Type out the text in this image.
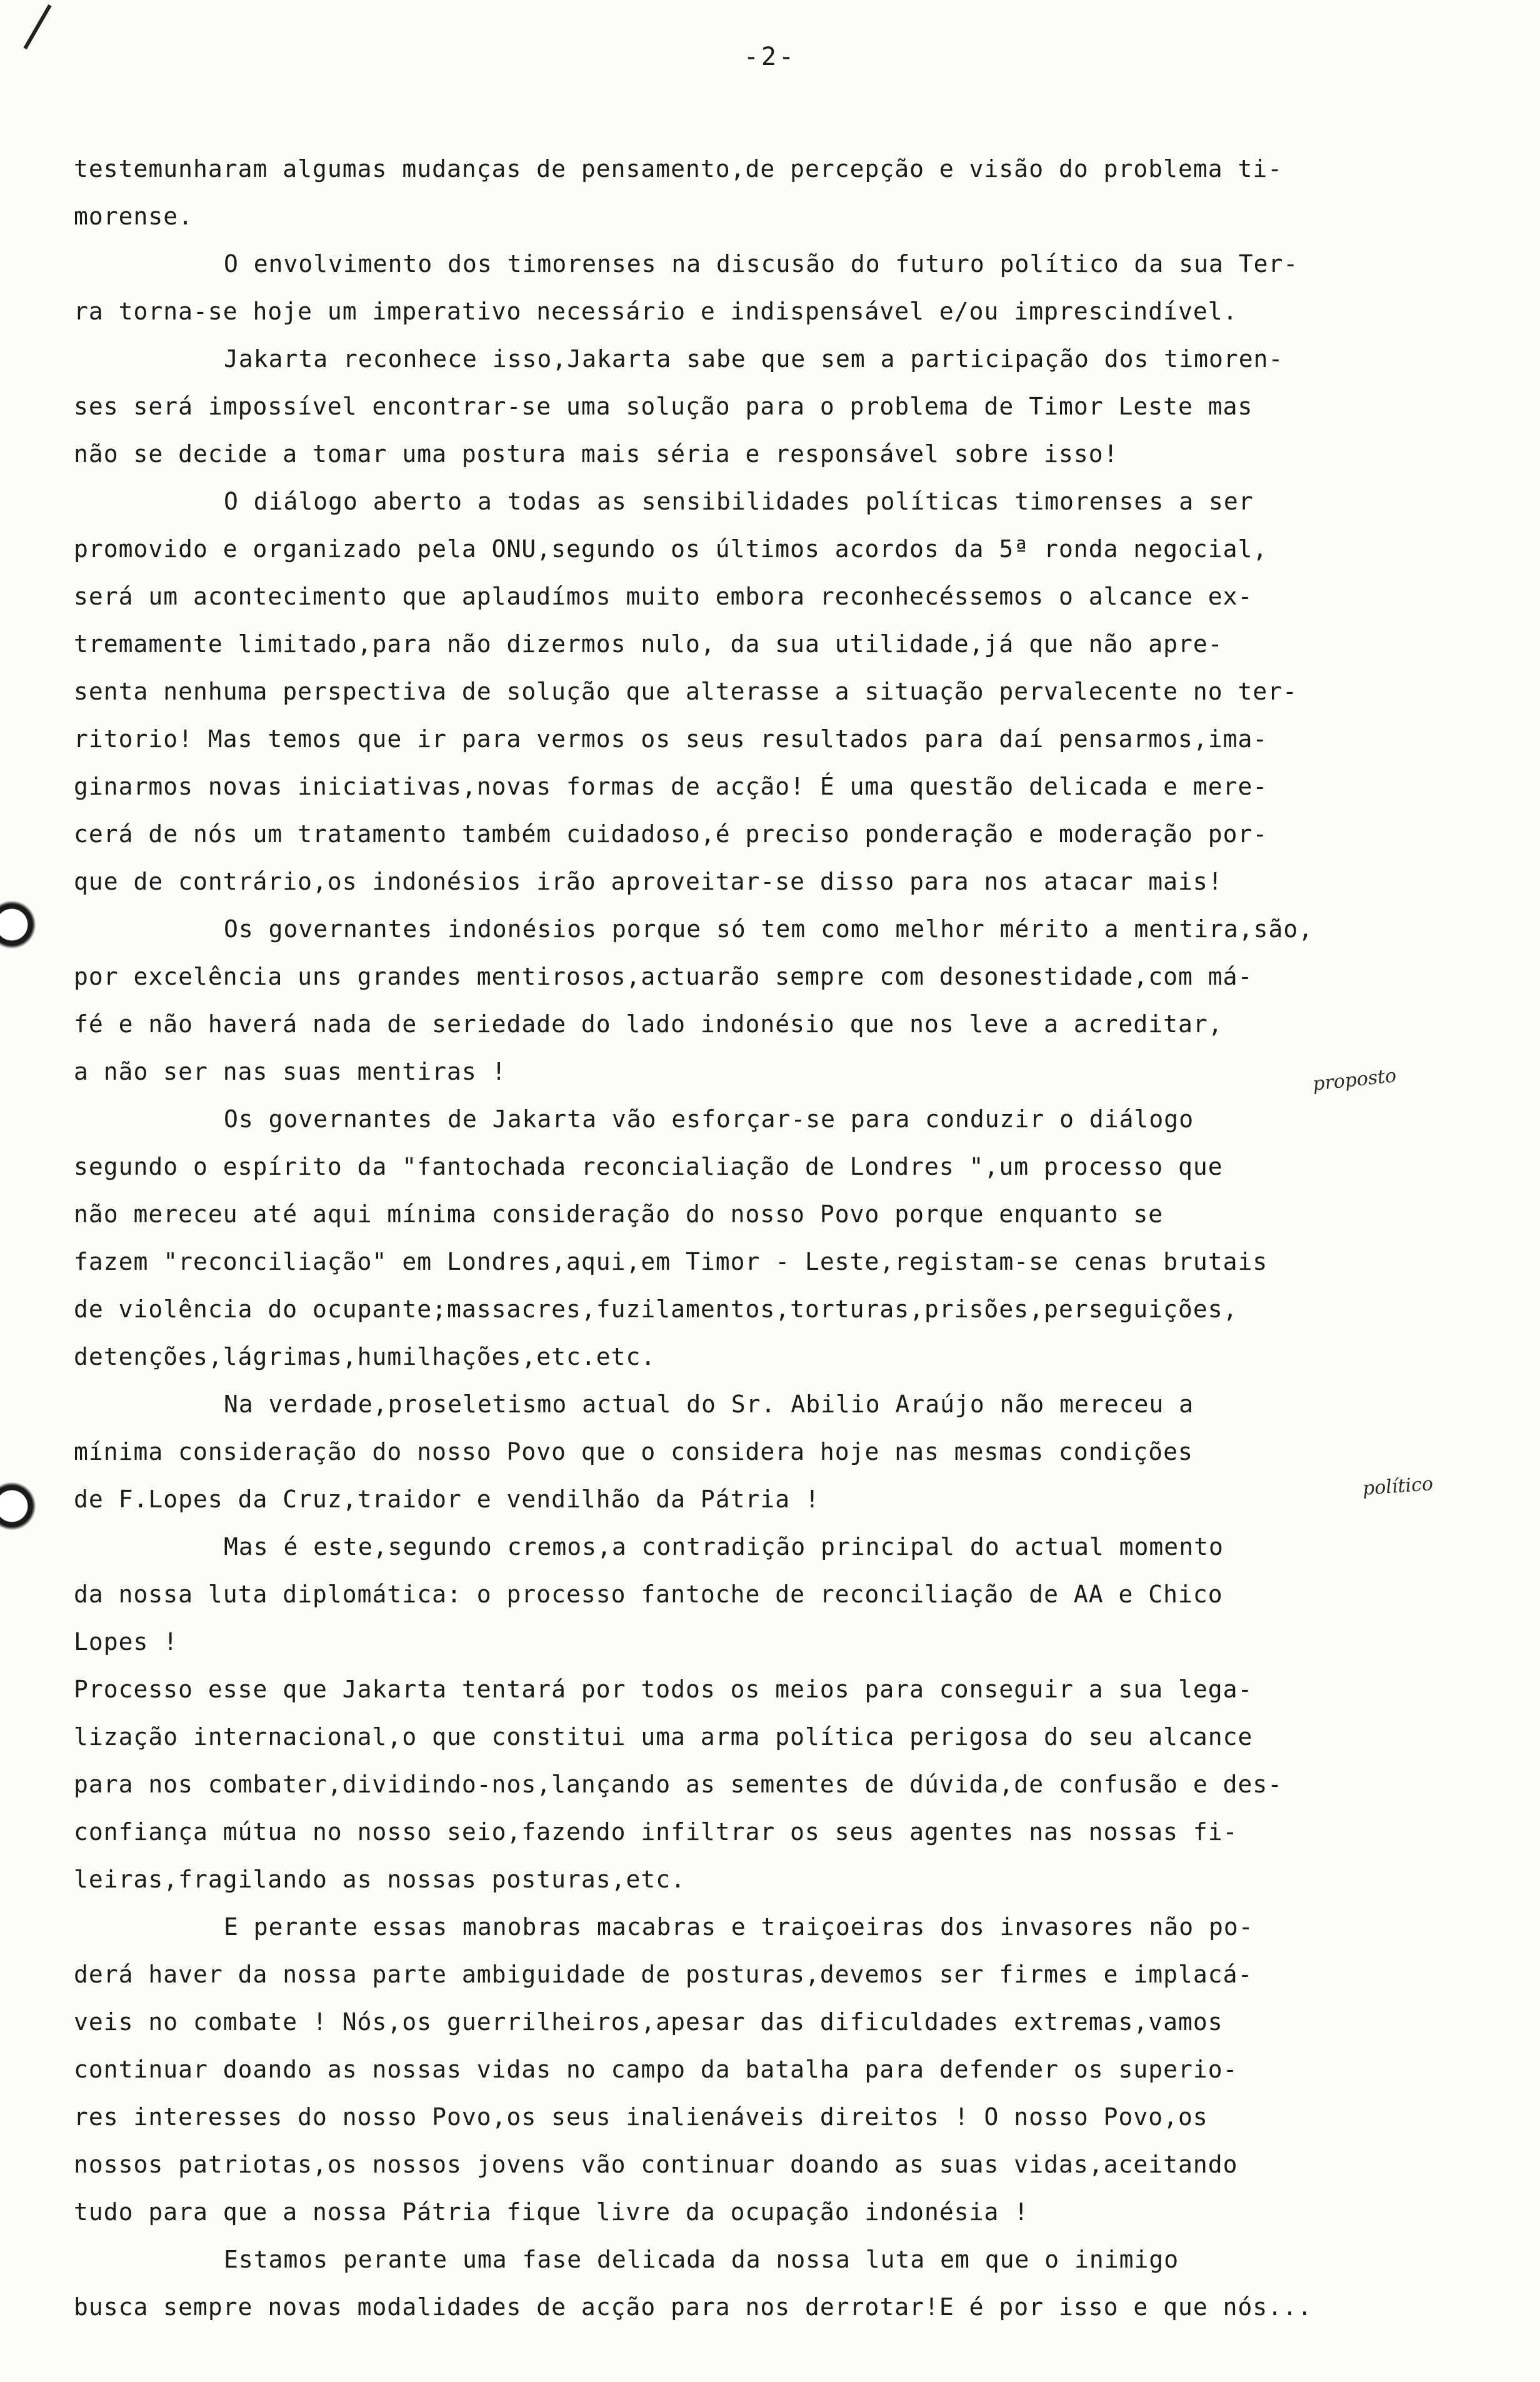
-2-
testemunharam algumas mudanças de pensamento,de percepção e visão do problema ti-
morense.
O envolvimento dos timorenses na discusão do futuro político da sua Ter-
ra torna-se hoje um imperativo necessário e indispensável e/ou imprescindível.
Jakarta reconhece isso,Jakarta sabe que sem a participação dos timoren-
ses será impossível encontrar-se uma solução para o problema de Timor Leste mas
não se decide a tomar uma postura mais séria e responsável sobre isso!
O diálogo aberto a todas as sensibilidades políticas timorenses a ser
promovido e organizado pela ONU,segundo os últimos acordos da 5ª ronda negocial,
será um acontecimento que aplaudímos muito embora reconhecéssemos o alcance ex-
tremamente limitado,para não dizermos nulo, da sua utilidade,já que não apre-
senta nenhuma perspectiva de solução que alterasse a situação pervalecente no ter-
ritorio! Mas temos que ir para vermos os seus resultados para daí pensarmos,ima-
ginarmos novas iniciativas,novas formas de acção! É uma questão delicada e mere-
cerá de nós um tratamento também cuidadoso,é preciso ponderação e moderação por-
que de contrário,os indonésios irão aproveitar-se disso para nos atacar mais!
Os governantes indonésios porque só tem como melhor mérito a mentira,são,
por excelência uns grandes mentirosos,actuarão sempre com desonestidade,com má-
fé e não haverá nada de seriedade do lado indonésio que nos leve a acreditar,
a não ser nas suas mentiras !
Os governantes de Jakarta vão esforçar-se para conduzir o diálogo
segundo o espírito da "fantochada reconcialiação de Londres ",um processo que
não mereceu até aqui mínima consideração do nosso Povo porque enquanto se
fazem "reconciliação" em Londres,aqui,em Timor - Leste,registam-se cenas brutais
de violência do ocupante;massacres,fuzilamentos,torturas,prisões,perseguições,
detenções,lágrimas,humilhações,etc.etc.
Na verdade,proseletismo actual do Sr. Abilio Araújo não mereceu a
mínima consideração do nosso Povo que o considera hoje nas mesmas condições
de F.Lopes da Cruz,traidor e vendilhão da Pátria !
Mas é este,segundo cremos,a contradição principal do actual momento
da nossa luta diplomática: o processo fantoche de reconciliação de AA e Chico
Lopes !
Processo esse que Jakarta tentará por todos os meios para conseguir a sua lega-
lização internacional,o que constitui uma arma política perigosa do seu alcance
para nos combater,dividindo-nos,lançando as sementes de dúvida,de confusão e des-
confiança mútua no nosso seio,fazendo infiltrar os seus agentes nas nossas fi-
leiras,fragilando as nossas posturas,etc.
E perante essas manobras macabras e traiçoeiras dos invasores não po-
derá haver da nossa parte ambiguidade de posturas,devemos ser firmes e implacá-
veis no combate ! Nós,os guerrilheiros,apesar das dificuldades extremas,vamos
continuar doando as nossas vidas no campo da batalha para defender os superio-
res interesses do nosso Povo,os seus inalienáveis direitos ! O nosso Povo,os
nossos patriotas,os nossos jovens vão continuar doando as suas vidas,aceitando
tudo para que a nossa Pátria fique livre da ocupação indonésia !
Estamos perante uma fase delicada da nossa luta em que o inimigo
busca sempre novas modalidades de acção para nos derrotar!E é por isso e que nós...
proposto
político
